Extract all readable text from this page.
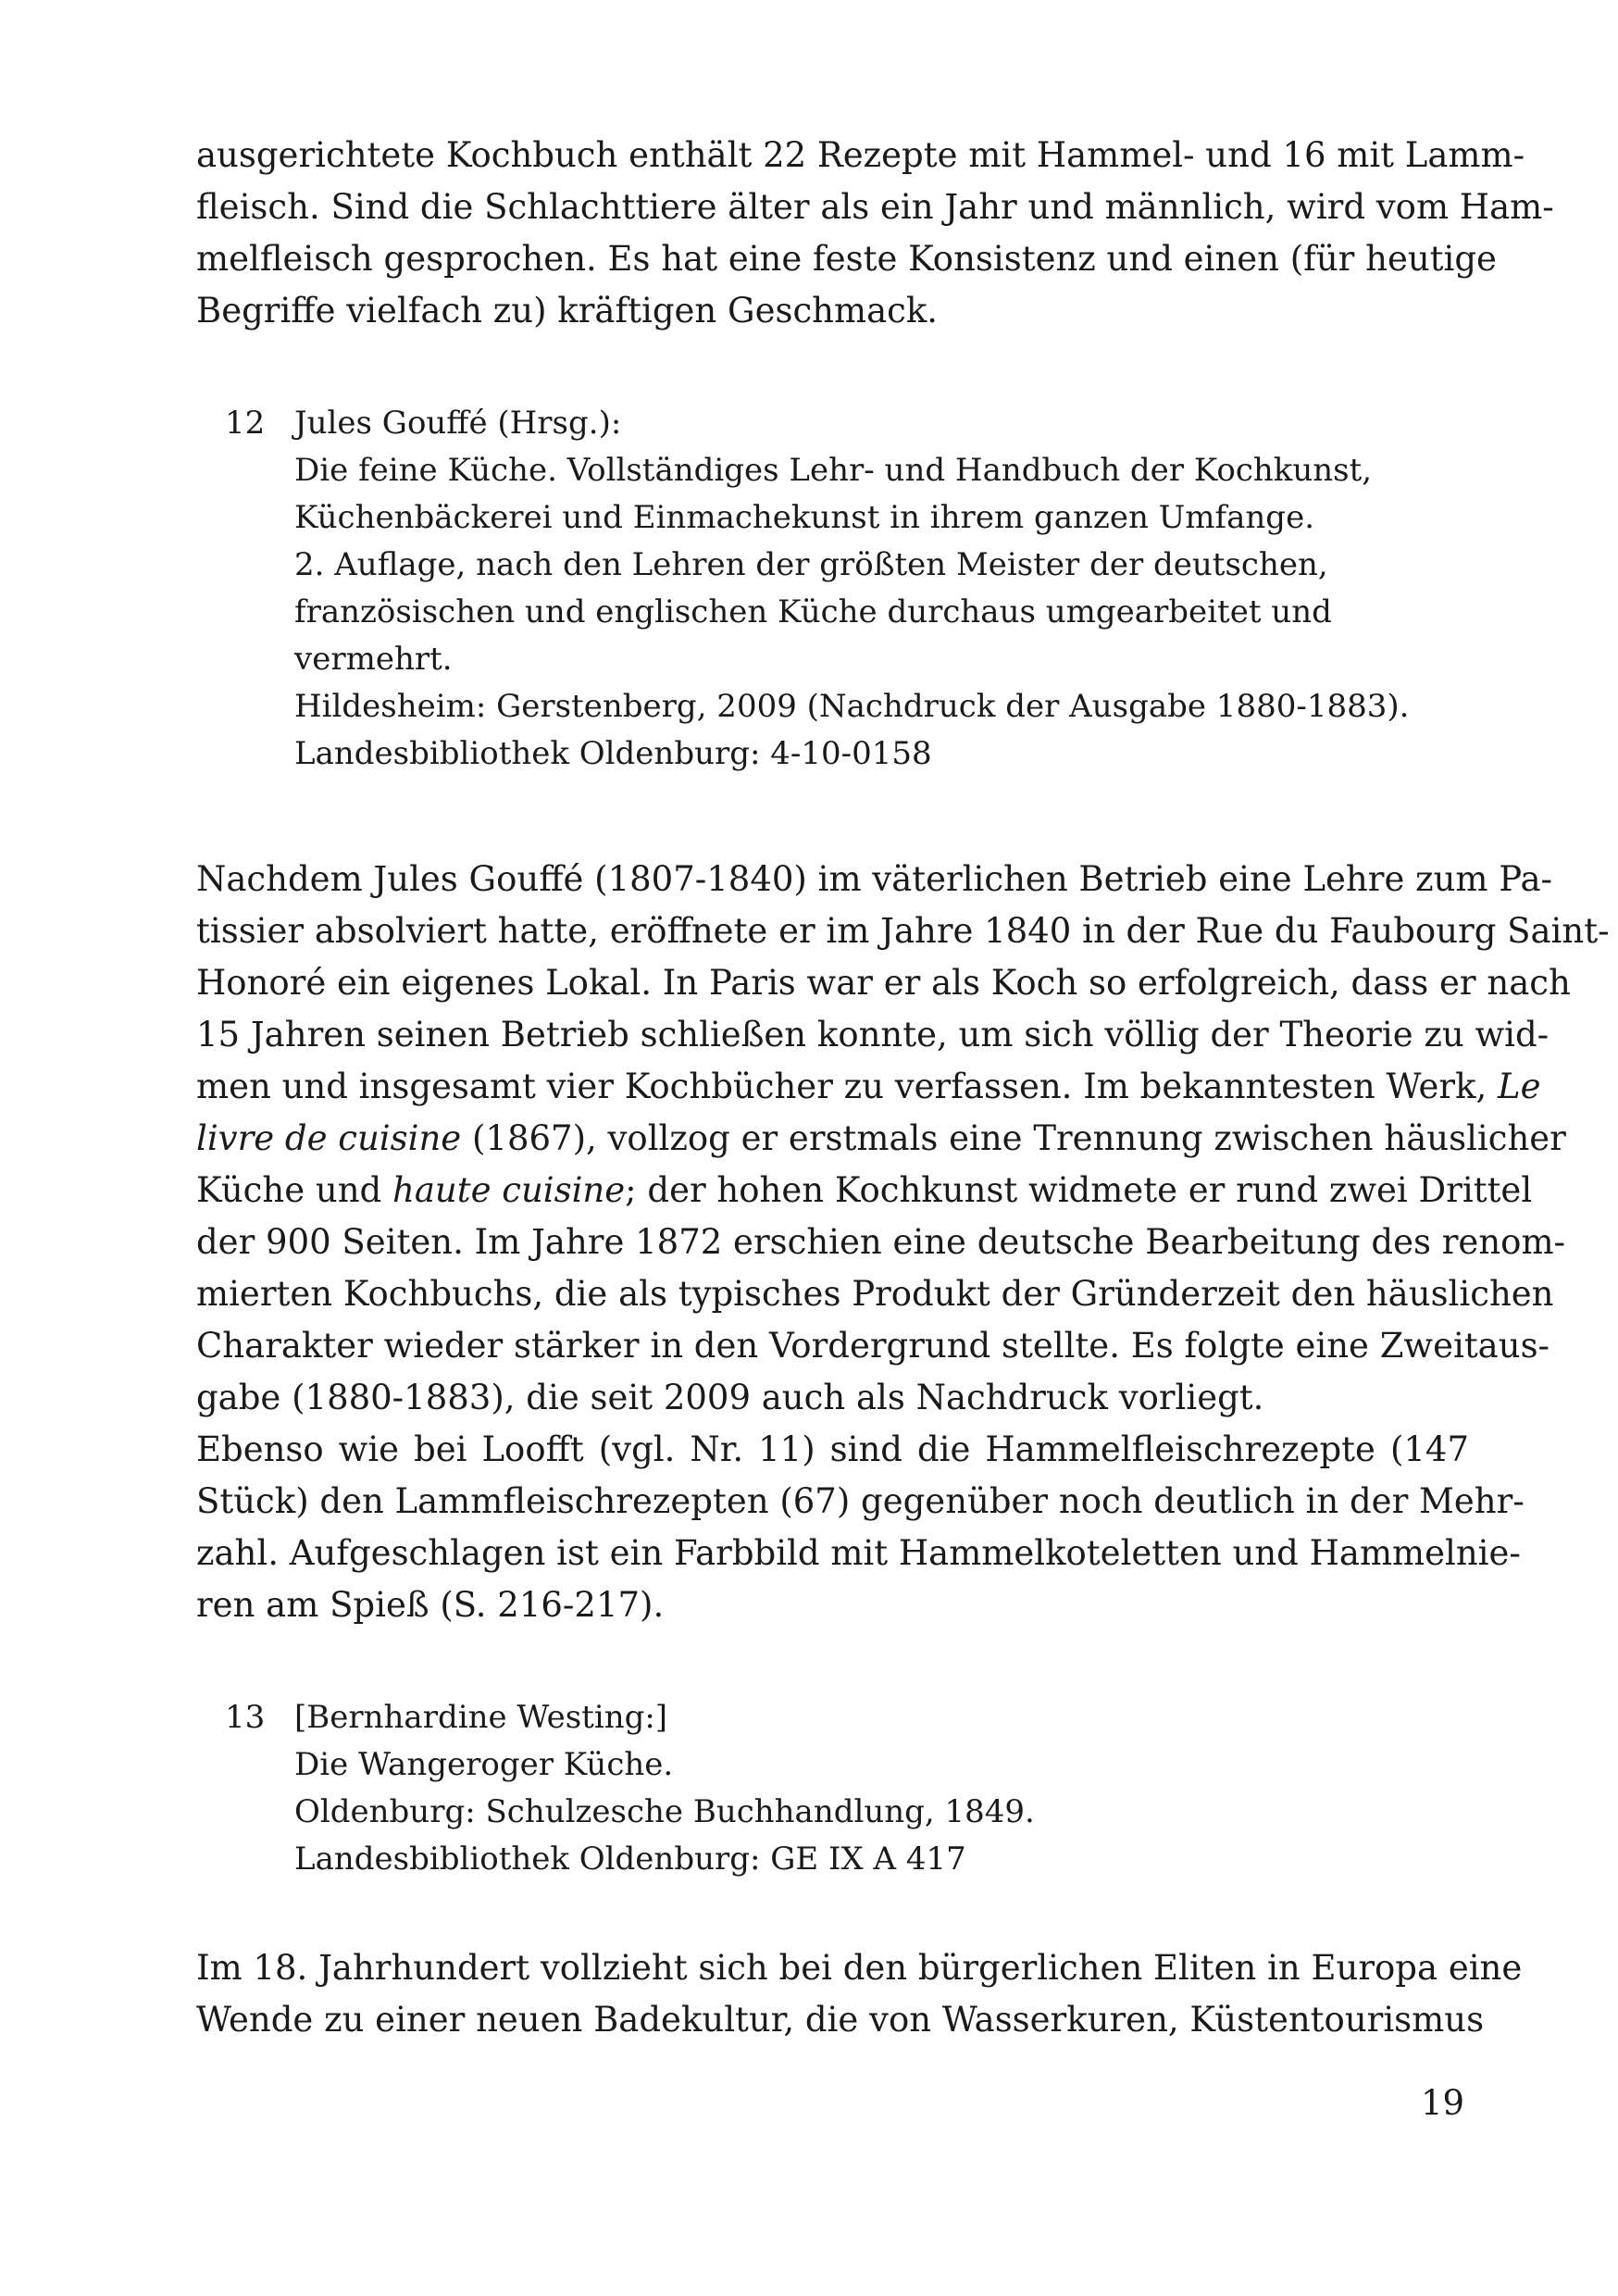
ausgerichtete Kochbuch enthält 22 Rezepte mit Hammel- und 16 mit Lamm-
fleisch. Sind die Schlachttiere älter als ein Jahr und männlich, wird vom Ham-
melfleisch gesprochen. Es hat eine feste Konsistenz und einen (für heutige
Begriffe vielfach zu) kräftigen Geschmack.
12 Jules Gouffé (Hrsg.):
Die feine Küche. Vollständiges Lehr- und Handbuch der Kochkunst,
Küchenbäckerei und Einmachekunst in ihrem ganzen Umfange.
2. Auflage, nach den Lehren der größten Meister der deutschen,
französischen und englischen Küche durchaus umgearbeitet und
vermehrt.
Hildesheim: Gerstenberg, 2009 (Nachdruck der Ausgabe 1880-1883).
Landesbibliothek Oldenburg: 4-10-0158
Nachdem Jules Gouffé (1807-1840) im väterlichen Betrieb eine Lehre zum Pa-
tissier absolviert hatte, eröffnete er im Jahre 1840 in der Rue du Faubourg Saint-
Honoré ein eigenes Lokal. In Paris war er als Koch so erfolgreich, dass er nach
15 Jahren seinen Betrieb schließen konnte, um sich völlig der Theorie zu wid-
men und insgesamt vier Kochbücher zu verfassen. Im bekanntesten Werk, Le
livre de cuisine (1867), vollzog er erstmals eine Trennung zwischen häuslicher
Küche und haute cuisine; der hohen Kochkunst widmete er rund zwei Drittel
der 900 Seiten. Im Jahre 1872 erschien eine deutsche Bearbeitung des renom-
mierten Kochbuchs, die als typisches Produkt der Gründerzeit den häuslichen
Charakter wieder stärker in den Vordergrund stellte. Es folgte eine Zweitaus-
gabe (1880-1883), die seit 2009 auch als Nachdruck vorliegt.
Ebenso wie bei Loofft (vgl. Nr. 11) sind die Hammelfleischrezepte (147
Stück) den Lammfleischrezepten (67) gegenüber noch deutlich in der Mehr-
zahl. Aufgeschlagen ist ein Farbbild mit Hammelkoteletten und Hammelnie-
ren am Spieß (S. 216-217).
13 [Bernhardine Westing:]
Die Wangeroger Küche.
Oldenburg: Schulzesche Buchhandlung, 1849.
Landesbibliothek Oldenburg: GE IX A 417
Im 18. Jahrhundert vollzieht sich bei den bürgerlichen Eliten in Europa eine
Wende zu einer neuen Badekultur, die von Wasserkuren, Küstentourismus
19
